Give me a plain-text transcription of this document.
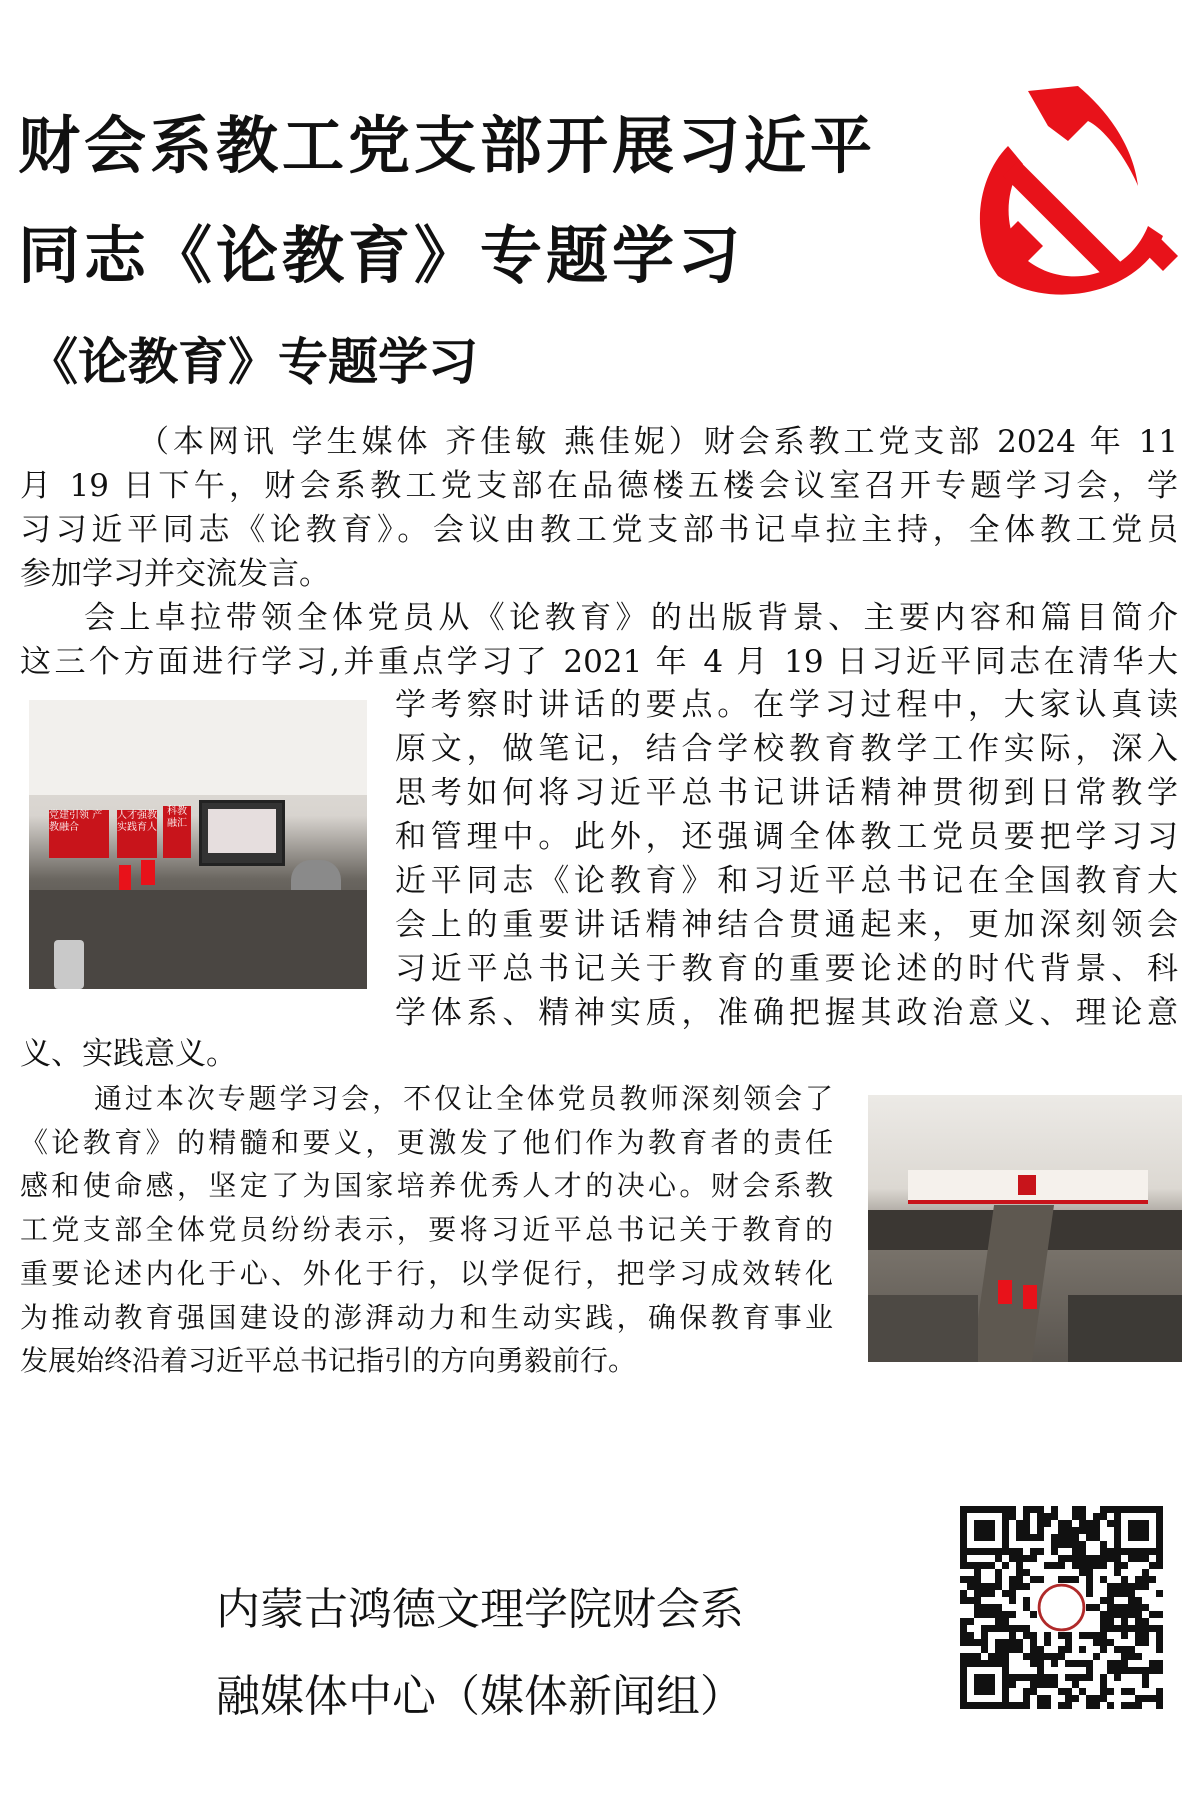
财会系教工党支部开展习近平
同志《论教育》专题学习
《论教育》专题学习
（本网讯 学生媒体 齐佳敏 燕佳妮）财会系教工党支部 2024 年 11
月 19 日下午，财会系教工党支部在品德楼五楼会议室召开专题学习会，学
习习近平同志《论教育》。会议由教工党支部书记卓拉主持，全体教工党员
参加学习并交流发言。
会上卓拉带领全体党员从《论教育》的出版背景、主要内容和篇目简介
这三个方面进行学习,并重点学习了 2021 年 4 月 19 日习近平同志在清华大
党建引领 产教融合
人才强教 实践育人
科教融汇
学考察时讲话的要点。在学习过程中，大家认真读
原文，做笔记，结合学校教育教学工作实际，深入
思考如何将习近平总书记讲话精神贯彻到日常教学
和管理中。此外，还强调全体教工党员要把学习习
近平同志《论教育》和习近平总书记在全国教育大
会上的重要讲话精神结合贯通起来，更加深刻领会
习近平总书记关于教育的重要论述的时代背景、科
学体系、精神实质，准确把握其政治意义、理论意
义、实践意义。
通过本次专题学习会，不仅让全体党员教师深刻领会了
《论教育》的精髓和要义，更激发了他们作为教育者的责任
感和使命感，坚定了为国家培养优秀人才的决心。财会系教
工党支部全体党员纷纷表示，要将习近平总书记关于教育的
重要论述内化于心、外化于行，以学促行，把学习成效转化
为推动教育强国建设的澎湃动力和生动实践，确保教育事业
发展始终沿着习近平总书记指引的方向勇毅前行。
内蒙古鸿德文理学院财会系
融媒体中心（媒体新闻组）
